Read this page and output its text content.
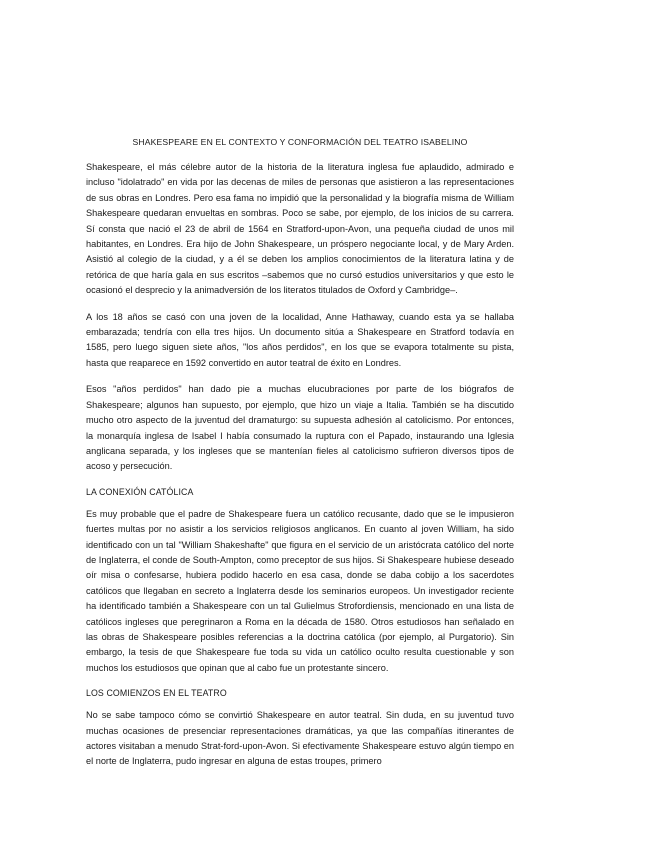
SHAKESPEARE EN EL CONTEXTO Y CONFORMACIÓN DEL TEATRO ISABELINO

Shakespeare, el más célebre autor de la historia de la literatura inglesa fue aplaudido, admirado e incluso "idolatrado" en vida por las decenas de miles de personas que asistieron a las representaciones de sus obras en Londres. Pero esa fama no impidió que la personalidad y la biografía misma de William Shakespeare quedaran envueltas en sombras. Poco se sabe, por ejemplo, de los inicios de su carrera. Sí consta que nació el 23 de abril de 1564 en Stratford-upon-Avon, una pequeña ciudad de unos mil habitantes, en Londres. Era hijo de John Shakespeare, un próspero negociante local, y de Mary Arden. Asistió al colegio de la ciudad, y a él se deben los amplios conocimientos de la literatura latina y de retórica de que haría gala en sus escritos –sabemos que no cursó estudios universitarios y que esto le ocasionó el desprecio y la animadversión de los literatos titulados de Oxford y Cambridge–.

A los 18 años se casó con una joven de la localidad, Anne Hathaway, cuando esta ya se hallaba embarazada; tendría con ella tres hijos. Un documento sitúa a Shakespeare en Stratford todavía en 1585, pero luego siguen siete años, "los años perdidos", en los que se evapora totalmente su pista, hasta que reaparece en 1592 convertido en autor teatral de éxito en Londres.

Esos "años perdidos" han dado pie a muchas elucubraciones por parte de los biógrafos de Shakespeare; algunos han supuesto, por ejemplo, que hizo un viaje a Italia. También se ha discutido mucho otro aspecto de la juventud del dramaturgo: su supuesta adhesión al catolicismo. Por entonces, la monarquía inglesa de Isabel I había consumado la ruptura con el Papado, instaurando una Iglesia anglicana separada, y los ingleses que se mantenían fieles al catolicismo sufrieron diversos tipos de acoso y persecución.

LA CONEXIÓN CATÓLICA

Es muy probable que el padre de Shakespeare fuera un católico recusante, dado que se le impusieron fuertes multas por no asistir a los servicios religiosos anglicanos. En cuanto al joven William, ha sido identificado con un tal "William Shakeshafte" que figura en el servicio de un aristócrata católico del norte de Inglaterra, el conde de South-Ampton, como preceptor de sus hijos. Si Shakespeare hubiese deseado oír misa o confesarse, hubiera podido hacerlo en esa casa, donde se daba cobijo a los sacerdotes católicos que llegaban en secreto a Inglaterra desde los seminarios europeos. Un investigador reciente ha identificado también a Shakespeare con un tal Gulielmus Strofordiensis, mencionado en una lista de católicos ingleses que peregrinaron a Roma en la década de 1580. Otros estudiosos han señalado en las obras de Shakespeare posibles referencias a la doctrina católica (por ejemplo, al Purgatorio). Sin embargo, la tesis de que Shakespeare fue toda su vida un católico oculto resulta cuestionable y son muchos los estudiosos que opinan que al cabo fue un protestante sincero.

LOS COMIENZOS EN EL TEATRO

No se sabe tampoco cómo se convirtió Shakespeare en autor teatral. Sin duda, en su juventud tuvo muchas ocasiones de presenciar representaciones dramáticas, ya que las compañías itinerantes de actores visitaban a menudo Strat-ford-upon-Avon. Si efectivamente Shakespeare estuvo algún tiempo en el norte de Inglaterra, pudo ingresar en alguna de estas troupes, primero
